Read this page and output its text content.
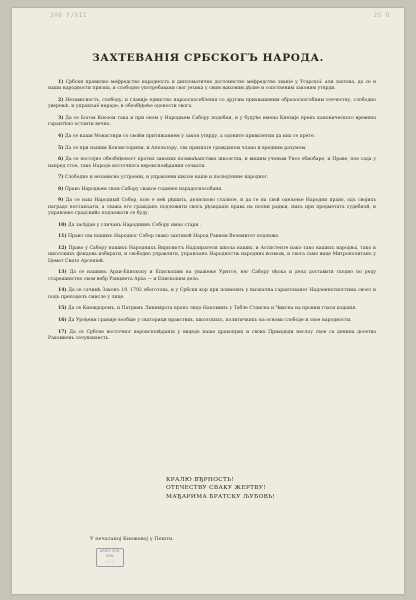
306 F/VII	25 O
ЗАХТЕВАНІЯ СРБСКОГЪ НАРОДА.

1) Србски правилно мефредство народность и дипломатично достоинство мефредство званіе у Угарскої: али захтева, да се и наши народности призна, и слободно употребавани свог језика у свим њиховим дђлие и сопственим законим утврди.

2) Независность, слободу, и главије единство нарооспособленія со другим прихвашеним образоспособним отечеству; слободно уверењѣ, и управљаё нераде; и обезбђђеће одоности свога.

3) Да се Богом Кнезом така и при оном у Народњем Сабору подобни, и у будуће имена Кнезије прекъ канонического времена гарантѣно остаити вечно.

4) Да се наши Монастири со свойм притяжанием у закон утврду, а одоните привилегии да них се прете.

5) Да се при нашим Конзисториям, и Апелатору, све прихвате гражданом члана и вредним разумом.

6) Да се постојно обезбеђеност протих законих позиваћанствих школства, и вишим ученым Унсе обиобаре, и Праве, пое сада у напред стое, тако Народе восточнога вероисповђдания сачкати.

7) Слободно и независно устроени, и управлени школе наше и посвојтение народног.

8) Право Народњем свом Сабору свакое годинее нарадоспособаня.

9) Да се наш Народный Собор, кою е нећ рђшить, делнсково сталное, и да ге на свой одељење Народни право, одъ својихъ наградо постављати, а сважа его гражданъ подлежити свога рђзидаціе права на полни радњи, нихъ при предметата судебной, и управлено градскийо подлежати се буду.

10) Да засђдан у сличанъ Народнимъ Собору имао стари .

11) Право сва нашихъ Народног Собор свако захтевой Народ Равном Велемитет подлеже.

12) Право у Сабору нашихъ Народнихъ Вирилистъ Надзирателя школа наших, и Ассистенте иако тако нашихъ народњх, тако и школскихъ фондова избирати, и свободно управляти, управљанъ Народностњ народних возмож, и свога само вице Митрополитанъ у Цемет Свято Арсеніей.

13) Да се нашимъ Архи-Епископу и Епископим на уважење Урнтсе, нег Сабору нђска и дела доставити сходно по реду старешинство свом вебр Ранцмета Арха — и Епископим дело.

14) Да се сачиић Законъ 19. 1792 обоготова, и у Србски кор при поимовнъ у вызначна гарантованог Надленнотностима своет и подъ преподелъ смисле у лице.

15) Да се Кнеждоромъ, и Патримъ Линимрата пропо лидо Напоминъ у Табле Стансна и Чиксна на провим гласи изданія.

16) Да Урођени граније вообще у сваторици нравствих, школскихъ, политичкихъ на основи слободе и свое народности.

17) Да се Србсне восточног вероисповђданія у видеде наше дравоприх и своих Прњидеди неслоу свое са денина досетва Ракомкевъ сачуванаесть.

КРАЛЮ ВЂРНОСТЬ!
ОТЕЧЕСТВУ СВАКУ ЖЕРТВУ!
МАЂАРИМА БРАТСКУ ЉУБОВЬ!
У печатаној Кнежевој у Пешти.
ARHIV SRB.
SRB.
— —
